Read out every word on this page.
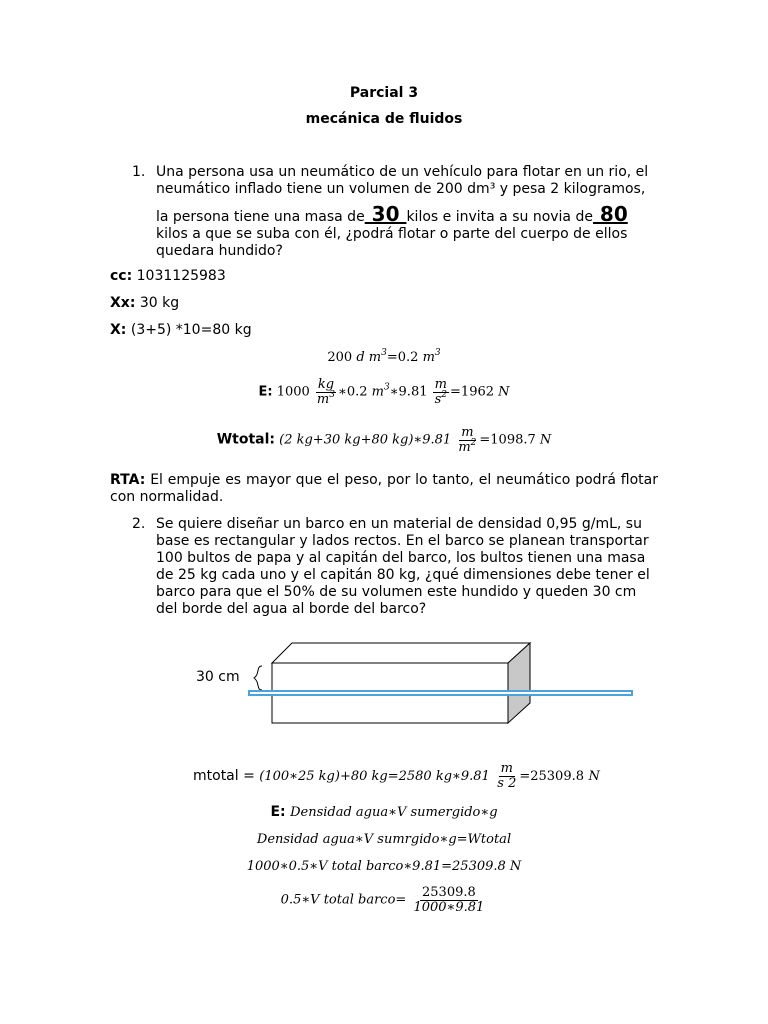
Parcial 3
mecánica de fluidos
1. Una persona usa un neumático de un vehículo para flotar en un rio, el neumático inflado tiene un volumen de 200 dm³ y pesa 2 kilogramos,
la persona tiene una masa de 30 kilos e invita a su novia de 80
kilos a que se suba con él, ¿podrá flotar o parte del cuerpo de ellos quedara hundido?
cc: 1031125983
Xx: 30 kg
X: (3+5) *10=80 kg
200 d $m^3=0.2$ $m^3$
E: $1000 \frac{kg}{m^3}$ ∗0.2 $m^3∗9.81 \frac{m}{s^2} =1962$ N
Wtotal: (2 kg+30 kg+80 kg)∗9.81 $\frac{m}{m^2} =1098.7$ N
RTA: El empuje es mayor que el peso, por lo tanto, el neumático podrá flotar con normalidad.
2. Se quiere diseñar un barco en un material de densidad 0,95 g/mL, su base es rectangular y lados rectos. En el barco se planean transportar 100 bultos de papa y al capitán del barco, los bultos tienen una masa de 25 kg cada uno y el capitán 80 kg, ¿qué dimensiones debe tener el barco para que el 50% de su volumen este hundido y queden 30 cm del borde del agua al borde del barco?
30 cm
mtotal = (100∗25 kg)+80 kg=2580 kg∗9.81 $\frac{m}{s 2} =25309.8$ N
E: Densidad agua∗V sumergido∗g
Densidad agua∗V sumrgido∗g=Wtotal
1000∗0.5∗V total barco∗9.81=25309.8 N
0.5∗V total barco= $\frac{25309.8}{1000∗9.81}$
